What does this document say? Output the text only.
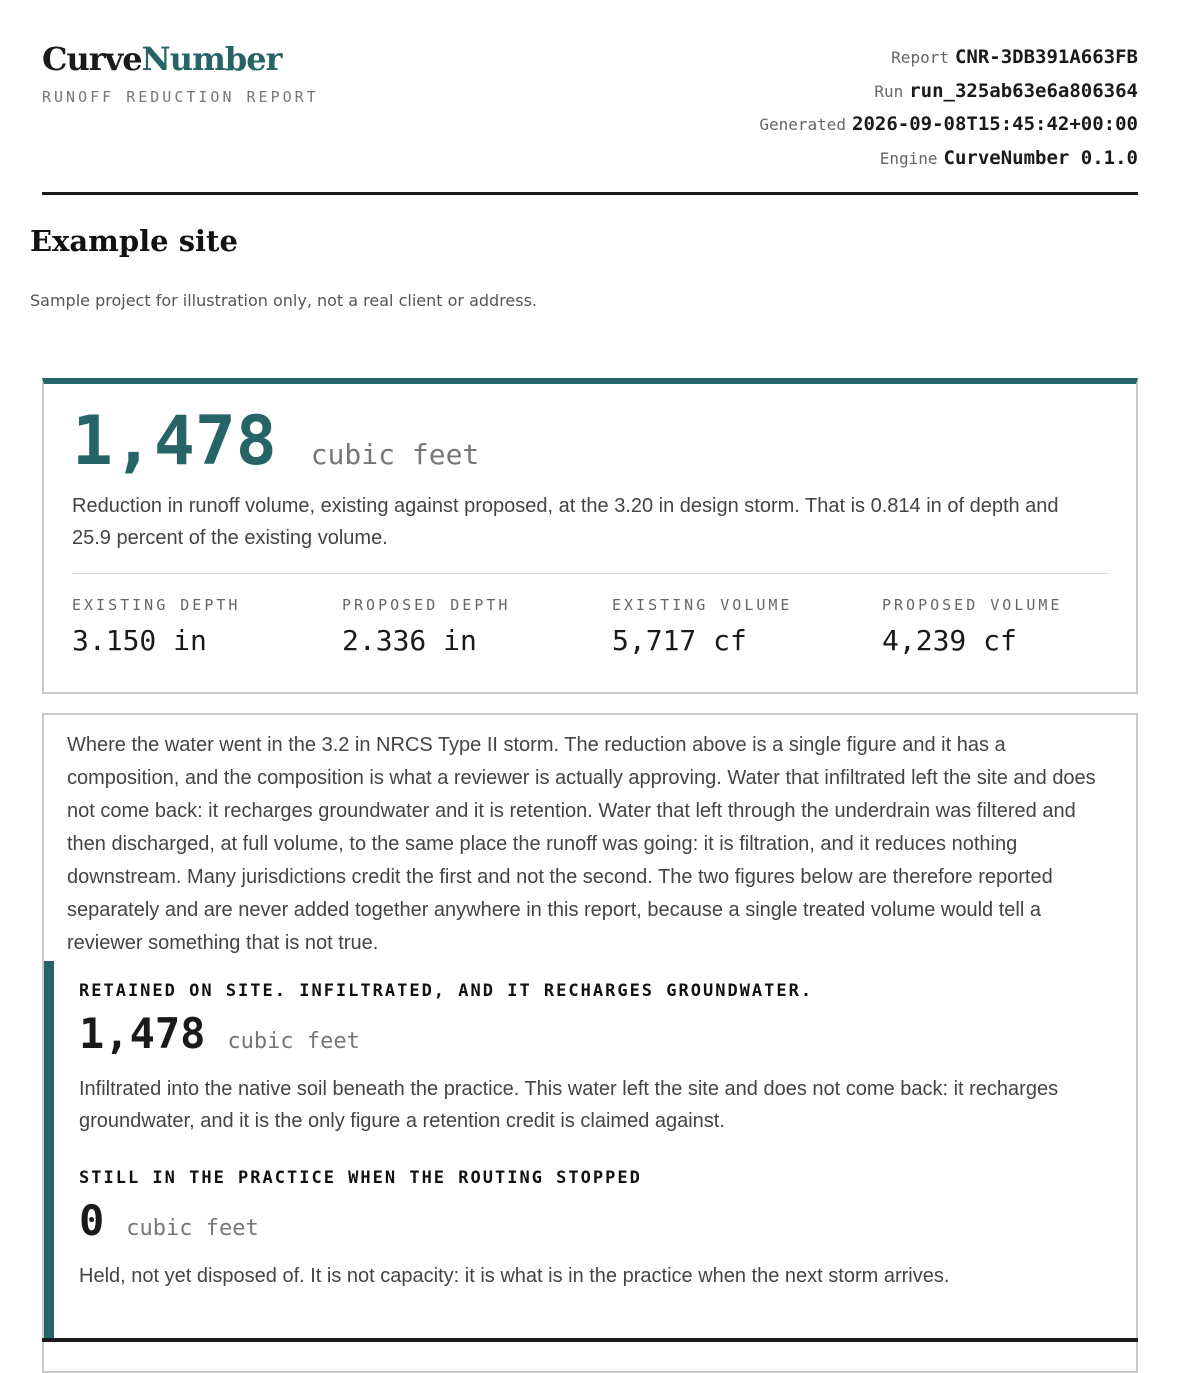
CurveNumber
RUNOFF REDUCTION REPORT
Report CNR-3DB391A663FB
Run run_325ab63e6a806364
Generated 2026-09-08T15:45:42+00:00
Engine CurveNumber 0.1.0
Example site
Sample project for illustration only, not a real client or address.
1,478 cubic feet
Reduction in runoff volume, existing against proposed, at the 3.20 in design storm. That is 0.814 in of depth and 25.9 percent of the existing volume.
EXISTING DEPTH
3.150 in
PROPOSED DEPTH
2.336 in
EXISTING VOLUME
5,717 cf
PROPOSED VOLUME
4,239 cf
Where the water went in the 3.2 in NRCS Type II storm. The reduction above is a single figure and it has a composition, and the composition is what a reviewer is actually approving. Water that infiltrated left the site and does not come back: it recharges groundwater and it is retention. Water that left through the underdrain was filtered and then discharged, at full volume, to the same place the runoff was going: it is filtration, and it reduces nothing downstream. Many jurisdictions credit the first and not the second. The two figures below are therefore reported separately and are never added together anywhere in this report, because a single treated volume would tell a reviewer something that is not true.
RETAINED ON SITE. INFILTRATED, AND IT RECHARGES GROUNDWATER.
1,478 cubic feet
Infiltrated into the native soil beneath the practice. This water left the site and does not come back: it recharges groundwater, and it is the only figure a retention credit is claimed against.
STILL IN THE PRACTICE WHEN THE ROUTING STOPPED
0 cubic feet
Held, not yet disposed of. It is not capacity: it is what is in the practice when the next storm arrives.
